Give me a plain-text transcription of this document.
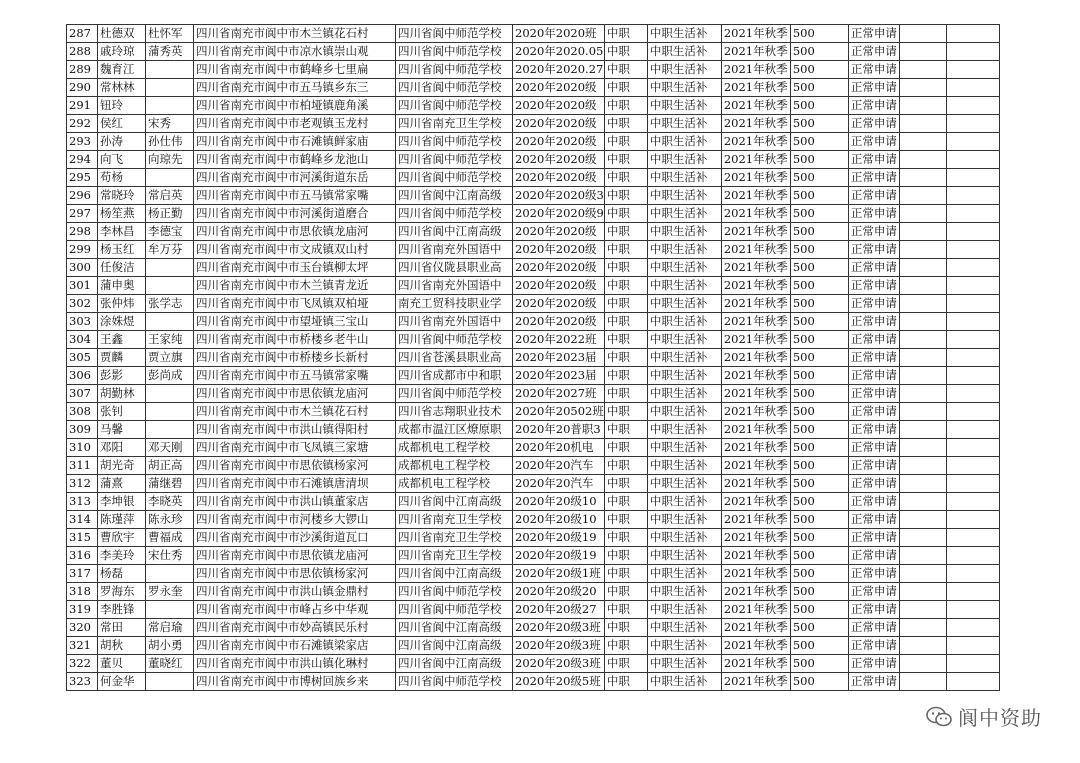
287	杜德双	杜怀军	四川省南充市阆中市木兰镇花石村	四川省阆中师范学校	2020年2020班	中职	中职生活补	2021年秋季	500	正常申请		
288	戚玲琼	蒲秀英	四川省南充市阆中市凉水镇崇山观	四川省阆中师范学校	2020年2020.05	中职	中职生活补	2021年秋季	500	正常申请		
289	魏育江		四川省南充市阆中市鹤峰乡七里扁	四川省阆中师范学校	2020年2020.27	中职	中职生活补	2021年秋季	500	正常申请		
290	常林林		四川省南充市阆中市五马镇乡东三	四川省阆中师范学校	2020年2020级	中职	中职生活补	2021年秋季	500	正常申请		
291	钮玲		四川省南充市阆中市柏垭镇鹿角溪	四川省阆中师范学校	2020年2020级	中职	中职生活补	2021年秋季	500	正常申请		
292	侯红	宋秀	四川省南充市阆中市老观镇玉龙村	四川省南充卫生学校	2020年2020级	中职	中职生活补	2021年秋季	500	正常申请		
293	孙涛	孙仕伟	四川省南充市阆中市石滩镇鲜家庙	四川省阆中师范学校	2020年2020级	中职	中职生活补	2021年秋季	500	正常申请		
294	向飞	向琼先	四川省南充市阆中市鹤峰乡龙池山	四川省阆中师范学校	2020年2020级	中职	中职生活补	2021年秋季	500	正常申请		
295	苟杨		四川省南充市阆中市河溪街道东岳	四川省阆中师范学校	2020年2020级	中职	中职生活补	2021年秋季	500	正常申请		
296	常晓玲	常启英	四川省南充市阆中市五马镇常家嘴	四川省阆中江南高级	2020年2020级3	中职	中职生活补	2021年秋季	500	正常申请		
297	杨笙燕	杨正勤	四川省南充市阆中市河溪街道磨合	四川省阆中师范学校	2020年2020级9	中职	中职生活补	2021年秋季	500	正常申请		
298	李林昌	李德宝	四川省南充市阆中市思依镇龙庙河	四川省阆中江南高级	2020年2020级	中职	中职生活补	2021年秋季	500	正常申请		
299	杨玉红	牟万芬	四川省南充市阆中市文成镇双山村	四川省南充外国语中	2020年2020级	中职	中职生活补	2021年秋季	500	正常申请		
300	任俊洁		四川省南充市阆中市玉台镇柳太坪	四川省仪陇县职业高	2020年2020级	中职	中职生活补	2021年秋季	500	正常申请		
301	蒲申奥		四川省南充市阆中市木兰镇青龙近	四川省南充外国语中	2020年2020级	中职	中职生活补	2021年秋季	500	正常申请		
302	张仲炜	张学志	四川省南充市阆中市飞凤镇双柏垭	南充工贸科技职业学	2020年2020级	中职	中职生活补	2021年秋季	500	正常申请		
303	涂姝煜		四川省南充市阆中市望垭镇三宝山	四川省南充外国语中	2020年2020级	中职	中职生活补	2021年秋季	500	正常申请		
304	王鑫	王家纯	四川省南充市阆中市桥楼乡老牛山	四川省阆中师范学校	2020年2022班	中职	中职生活补	2021年秋季	500	正常申请		
305	贾麟	贾立旗	四川省南充市阆中市桥楼乡长新村	四川省苍溪县职业高	2020年2023届	中职	中职生活补	2021年秋季	500	正常申请		
306	彭影	彭尚成	四川省南充市阆中市五马镇常家嘴	四川省成都市中和职	2020年2023届	中职	中职生活补	2021年秋季	500	正常申请		
307	胡勤林		四川省南充市阆中市思依镇龙庙河	四川省阆中师范学校	2020年2027班	中职	中职生活补	2021年秋季	500	正常申请		
308	张钊		四川省南充市阆中市木兰镇花石村	四川省志翔职业技术	2020年20502班	中职	中职生活补	2021年秋季	500	正常申请		
309	马馨		四川省南充市阆中市洪山镇得阳村	成都市温江区燎原职	2020年20普职3	中职	中职生活补	2021年秋季	500	正常申请		
310	邓阳	邓天刚	四川省南充市阆中市飞凤镇三家塘	成都机电工程学校	2020年20机电	中职	中职生活补	2021年秋季	500	正常申请		
311	胡光奇	胡正高	四川省南充市阆中市思依镇杨家河	成都机电工程学校	2020年20汽车	中职	中职生活补	2021年秋季	500	正常申请		
312	蒲熹	蒲继碧	四川省南充市阆中市石滩镇唐清坝	成都机电工程学校	2020年20汽车	中职	中职生活补	2021年秋季	500	正常申请		
313	李坤银	李晓英	四川省南充市阆中市洪山镇董家店	四川省阆中江南高级	2020年20级10	中职	中职生活补	2021年秋季	500	正常申请		
314	陈瑾萍	陈永珍	四川省南充市阆中市河楼乡大锣山	四川省南充卫生学校	2020年20级10	中职	中职生活补	2021年秋季	500	正常申请		
315	曹欣宇	曹福成	四川省南充市阆中市沙溪街道瓦口	四川省南充卫生学校	2020年20级19	中职	中职生活补	2021年秋季	500	正常申请		
316	李美玲	宋仕秀	四川省南充市阆中市思依镇龙庙河	四川省南充卫生学校	2020年20级19	中职	中职生活补	2021年秋季	500	正常申请		
317	杨磊		四川省南充市阆中市思依镇杨家河	四川省阆中江南高级	2020年20级1班	中职	中职生活补	2021年秋季	500	正常申请		
318	罗海东	罗永奎	四川省南充市阆中市洪山镇金鼎村	四川省阆中师范学校	2020年20级20	中职	中职生活补	2021年秋季	500	正常申请		
319	李胜锋		四川省南充市阆中市峰占乡中华观	四川省阆中师范学校	2020年20级27	中职	中职生活补	2021年秋季	500	正常申请		
320	常田	常启瑜	四川省南充市阆中市妙高镇民乐村	四川省阆中江南高级	2020年20级3班	中职	中职生活补	2021年秋季	500	正常申请		
321	胡秋	胡小勇	四川省南充市阆中市石滩镇梁家店	四川省阆中江南高级	2020年20级3班	中职	中职生活补	2021年秋季	500	正常申请		
322	董贝	董晓红	四川省南充市阆中市洪山镇化琳村	四川省阆中江南高级	2020年20级3班	中职	中职生活补	2021年秋季	500	正常申请		
323	何金华		四川省南充市阆中市博树回族乡来	四川省阆中师范学校	2020年20级5班	中职	中职生活补	2021年秋季	500	正常申请		
阆中资助
